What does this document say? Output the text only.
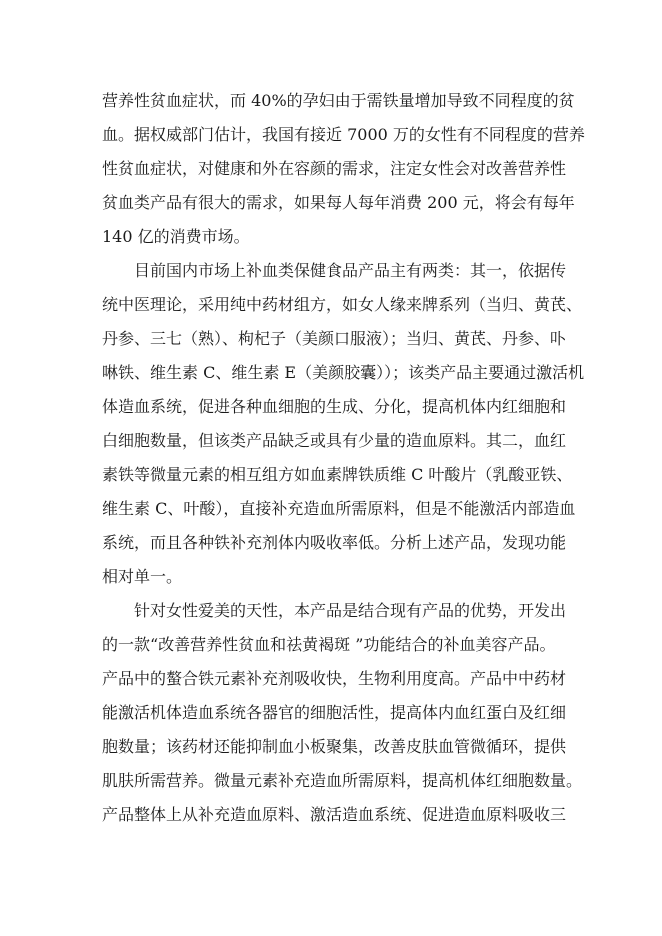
营养性贫血症状，而 40%的孕妇由于需铁量增加导致不同程度的贫
血。据权威部门估计，我国有接近 7000 万的女性有不同程度的营养
性贫血症状，对健康和外在容颜的需求，注定女性会对改善营养性
贫血类产品有很大的需求，如果每人每年消费 200 元，将会有每年
140 亿的消费市场。
目前国内市场上补血类保健食品产品主有两类：其一，依据传
统中医理论，采用纯中药材组方，如女人缘来牌系列（当归、黄芪、
丹参、三七（熟）、枸杞子（美颜口服液）；当归、黄芪、丹参、卟
啉铁、维生素 C、维生素 E（美颜胶囊））；该类产品主要通过激活机
体造血系统，促进各种血细胞的生成、分化，提高机体内红细胞和
白细胞数量，但该类产品缺乏或具有少量的造血原料。其二，血红
素铁等微量元素的相互组方如血素牌铁质维 C 叶酸片（乳酸亚铁、
维生素 C、叶酸），直接补充造血所需原料，但是不能激活内部造血
系统，而且各种铁补充剂体内吸收率低。分析上述产品，发现功能
相对单一。
针对女性爱美的天性，本产品是结合现有产品的优势，开发出
的一款“改善营养性贫血和祛黄褐斑 ”功能结合的补血美容产品。
产品中的螯合铁元素补充剂吸收快，生物利用度高。产品中中药材
能激活机体造血系统各器官的细胞活性，提高体内血红蛋白及红细
胞数量；该药材还能抑制血小板聚集，改善皮肤血管微循环，提供
肌肤所需营养。微量元素补充造血所需原料，提高机体红细胞数量。
产品整体上从补充造血原料、激活造血系统、促进造血原料吸收三
